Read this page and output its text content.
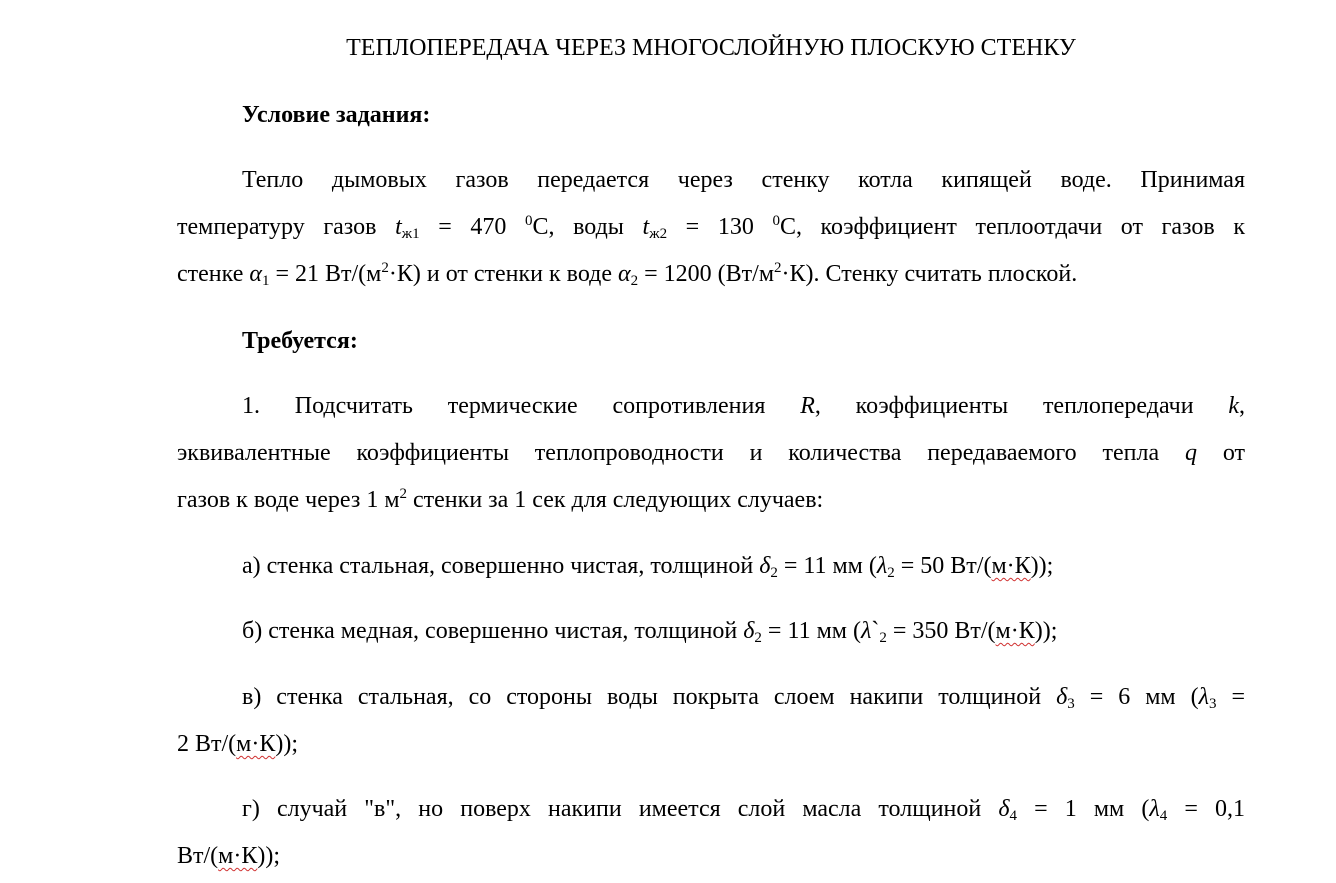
ТЕПЛОПЕРЕДАЧА ЧЕРЕЗ МНОГОСЛОЙНУЮ ПЛОСКУЮ СТЕНКУ

Условие задания:

Тепло дымовых газов передается через стенку котла кипящей воде. Принимая
температуру газов $t_{ж1} = 470$ $^0$С, воды $t_{ж2} = 130$ $^0$С, коэффициент теплоотдачи от газов к
стенке $\alpha_1 = 21$ $Вт/(м^2\cdot К)$ и от стенки к воде $\alpha_2 = 1200$ $(Вт/м^2\cdot К)$. Стенку считать плоской.

Требуется:

1. Подсчитать термические сопротивления R, коэффициенты теплопередачи k,
эквивалентные коэффициенты теплопроводности и количества передаваемого тепла q от
газов к воде через 1 $м^2$ стенки за 1 сек для следующих случаев:
а) стенка стальная, совершенно чистая, толщиной $\delta_2 = 11$ мм ($\lambda_2 = 50$ Вт/(м·К));
б) стенка медная, совершенно чистая, толщиной $\delta_2 = 11$ мм ($\lambda`_2 = 350$ Вт/(м·К));
в) стенка стальная, со стороны воды покрыта слоем накипи толщиной $\delta_3 = 6$ мм ($\lambda_3$ =
2 Вт/(м·К));
г) случай "в", но поверх накипи имеется слой масла толщиной $\delta_4 = 1$ мм ($\lambda_4 = 0,1$
Вт/(м·К));
